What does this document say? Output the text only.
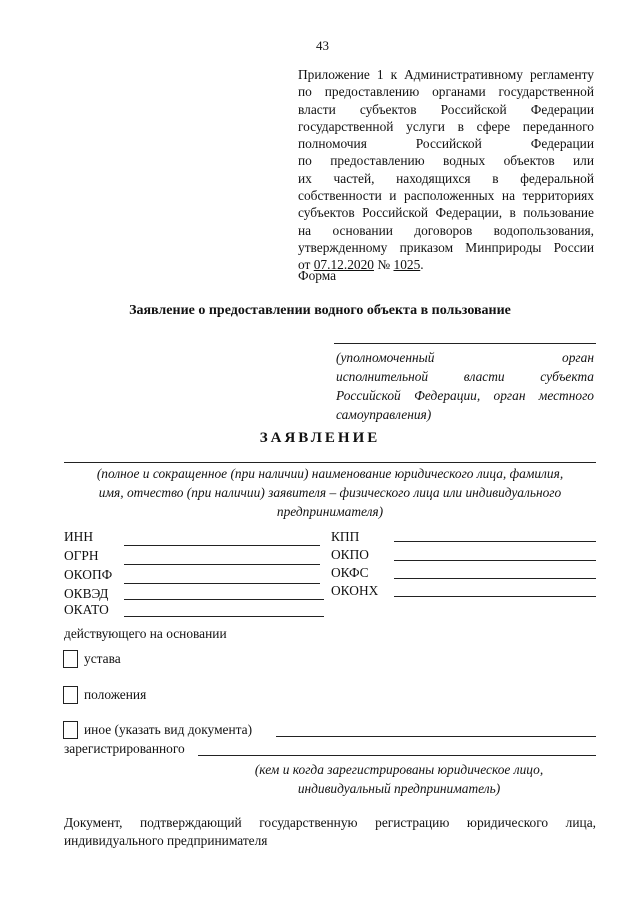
43
Приложение 1 к Административному регламенту
по предоставлению органами государственной
власти субъектов Российской Федерации
государственной услуги в сфере переданного
полномочия Российской Федерации
по предоставлению водных объектов или
их частей, находящихся в федеральной
собственности и расположенных на территориях
субъектов Российской Федерации, в пользование
на основании договоров водопользования,
утвержденному приказом Минприроды России
от 07.12.2020 № 1025.
Форма
Заявление о предоставлении водного объекта в пользование
(уполномоченный орган
исполнительной власти субъекта
Российской Федерации, орган местного
самоуправления)
ЗАЯВЛЕНИЕ
(полное и сокращенное (при наличии) наименование юридического лица, фамилия,
имя, отчество (при наличии) заявителя – физического лица или индивидуального
предпринимателя)
ИНН
ОГРН
ОКОПФ
ОКВЭД
ОКАТО
КПП
ОКПО
ОКФС
ОКОНХ
действующего на основании
устава
положения
иное (указать вид документа)
зарегистрированного
(кем и когда зарегистрированы юридическое лицо,
индивидуальный предприниматель)
Документ, подтверждающий государственную регистрацию юридического лица,
индивидуального предпринимателя
